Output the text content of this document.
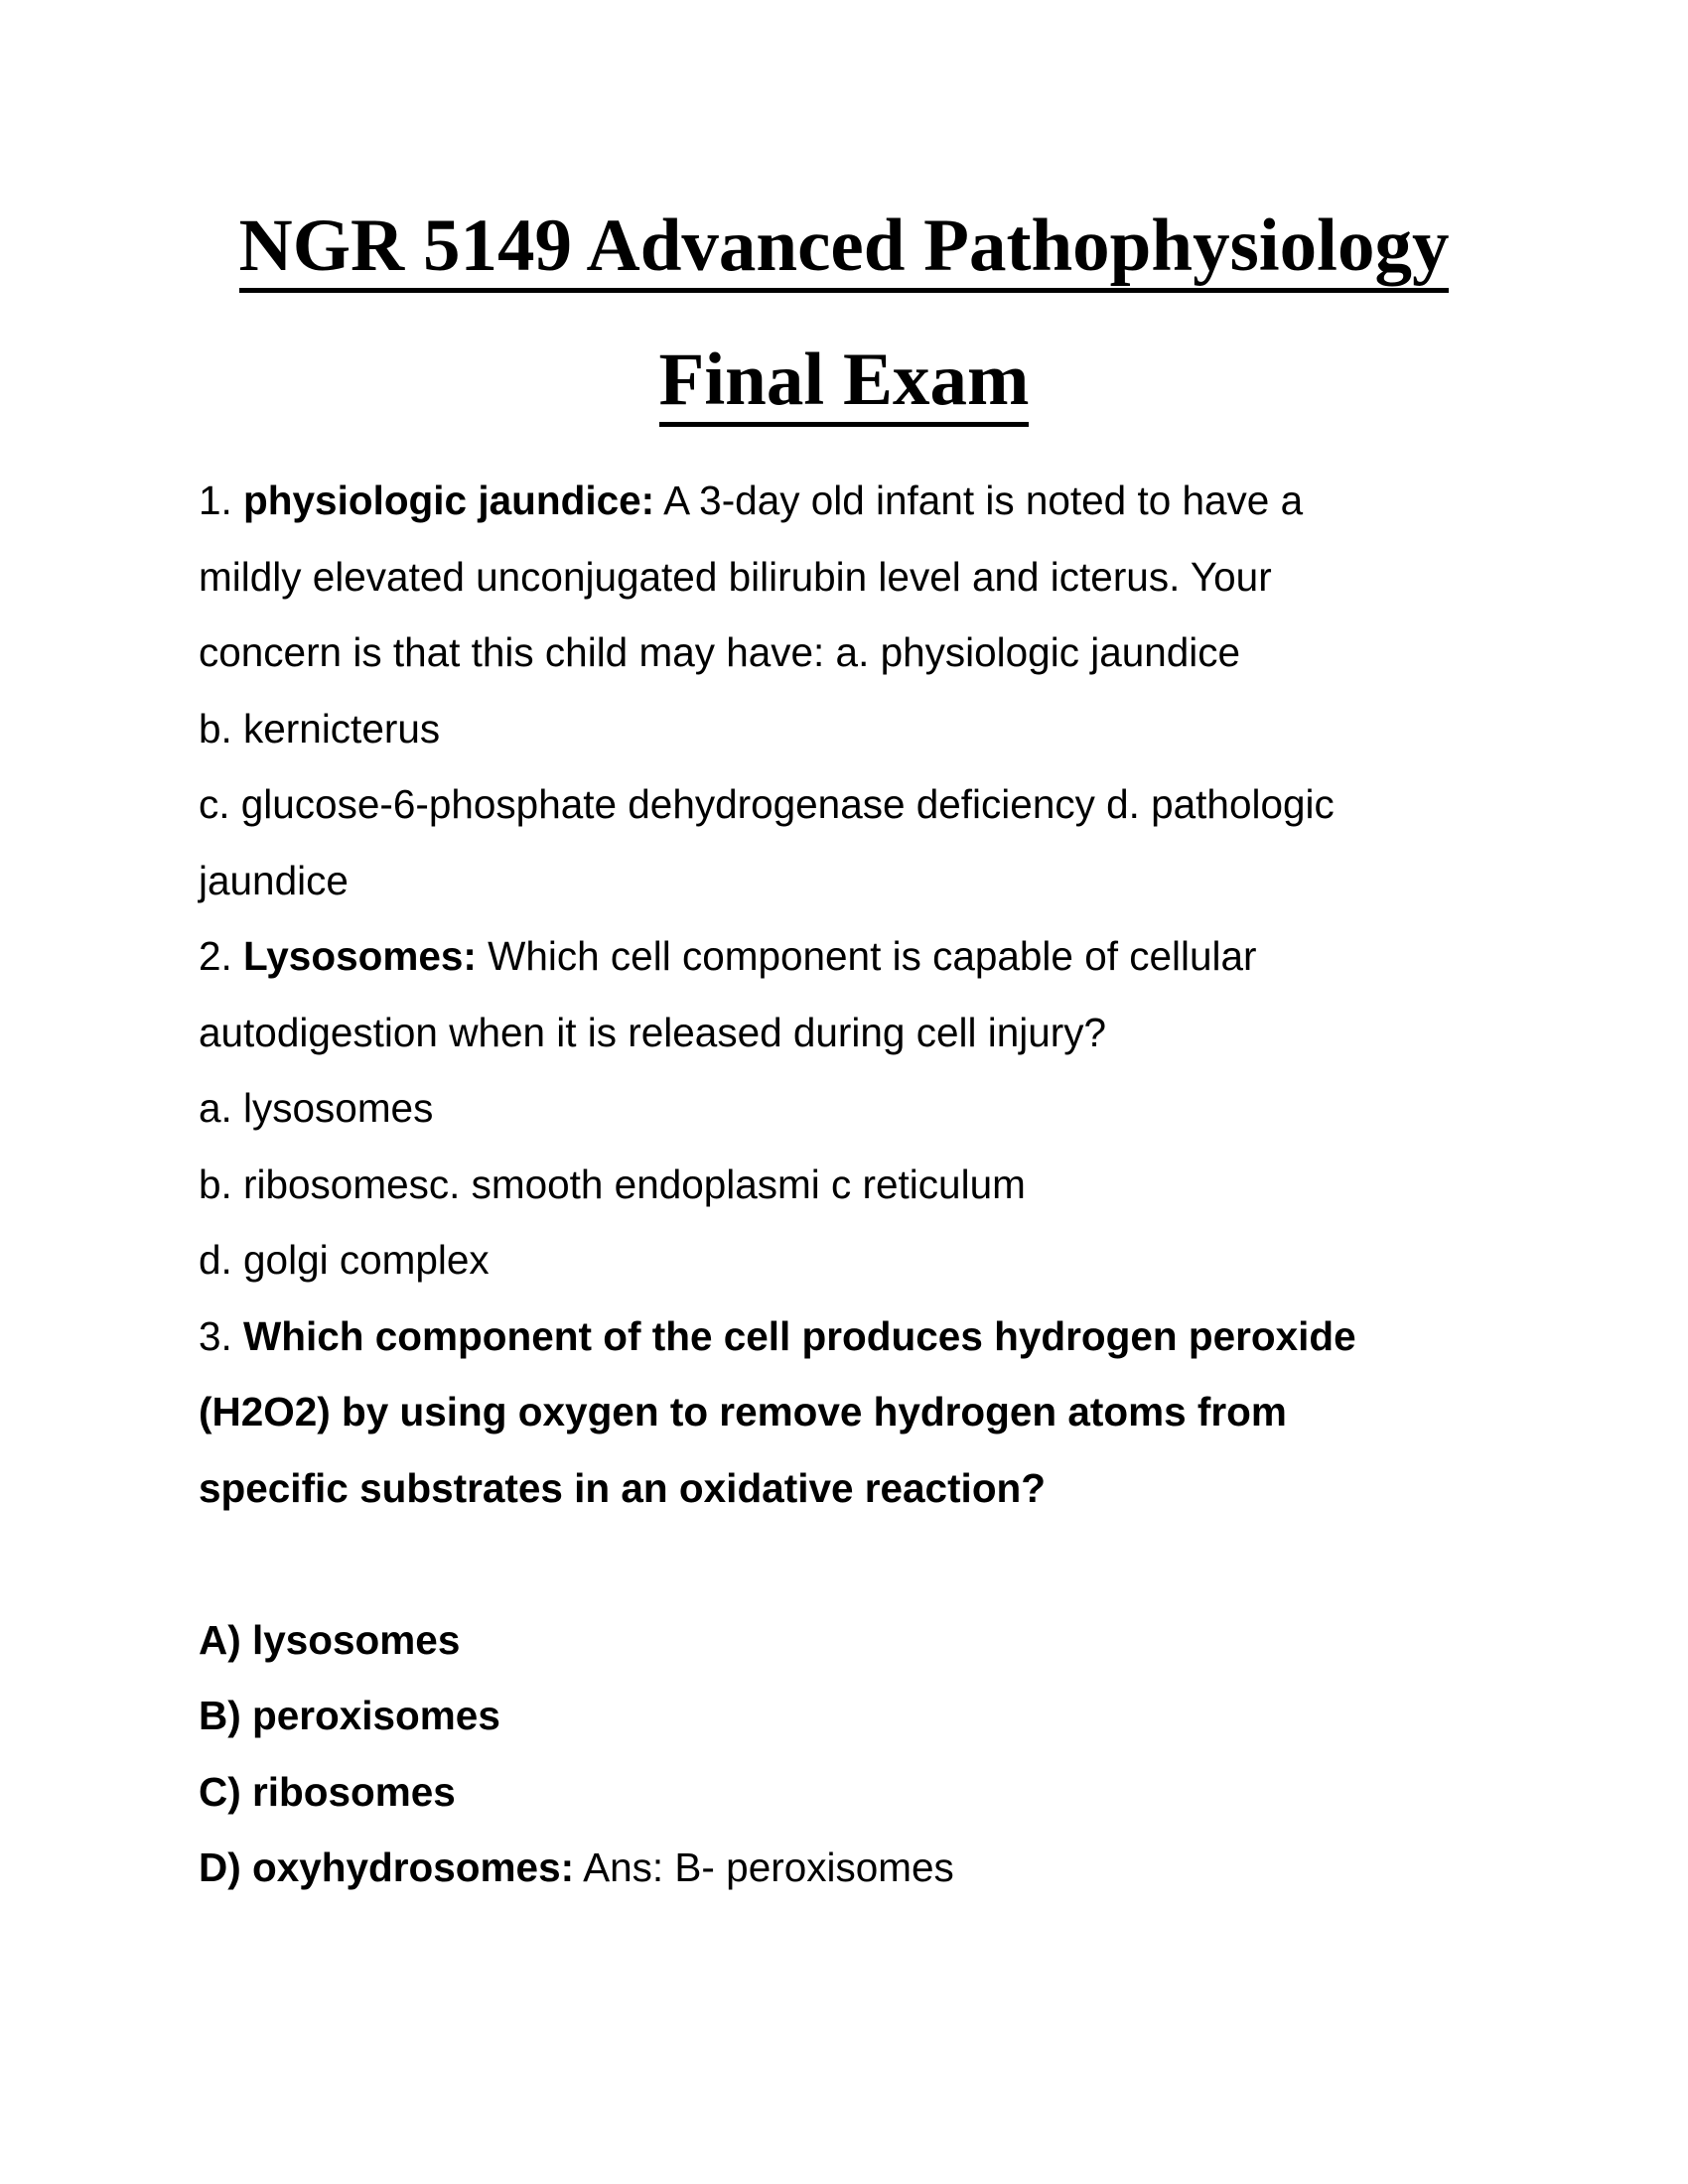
NGR 5149 Advanced Pathophysiology
Final Exam
1. physiologic jaundice: A 3-day old infant is noted to have a
mildly elevated unconjugated bilirubin level and icterus. Your
concern is that this child may have: a. physiologic jaundice
b. kernicterus
c. glucose-6-phosphate dehydrogenase deficiency d. pathologic
jaundice
2. Lysosomes: Which cell component is capable of cellular
autodigestion when it is released during cell injury?
a. lysosomes
b. ribosomesc. smooth endoplasmi c reticulum
d. golgi complex
3. Which component of the cell produces hydrogen peroxide
(H2O2) by using oxygen to remove hydrogen atoms from
specific substrates in an oxidative reaction?
A) lysosomes
B) peroxisomes
C) ribosomes
D) oxyhydrosomes: Ans: B- peroxisomes
